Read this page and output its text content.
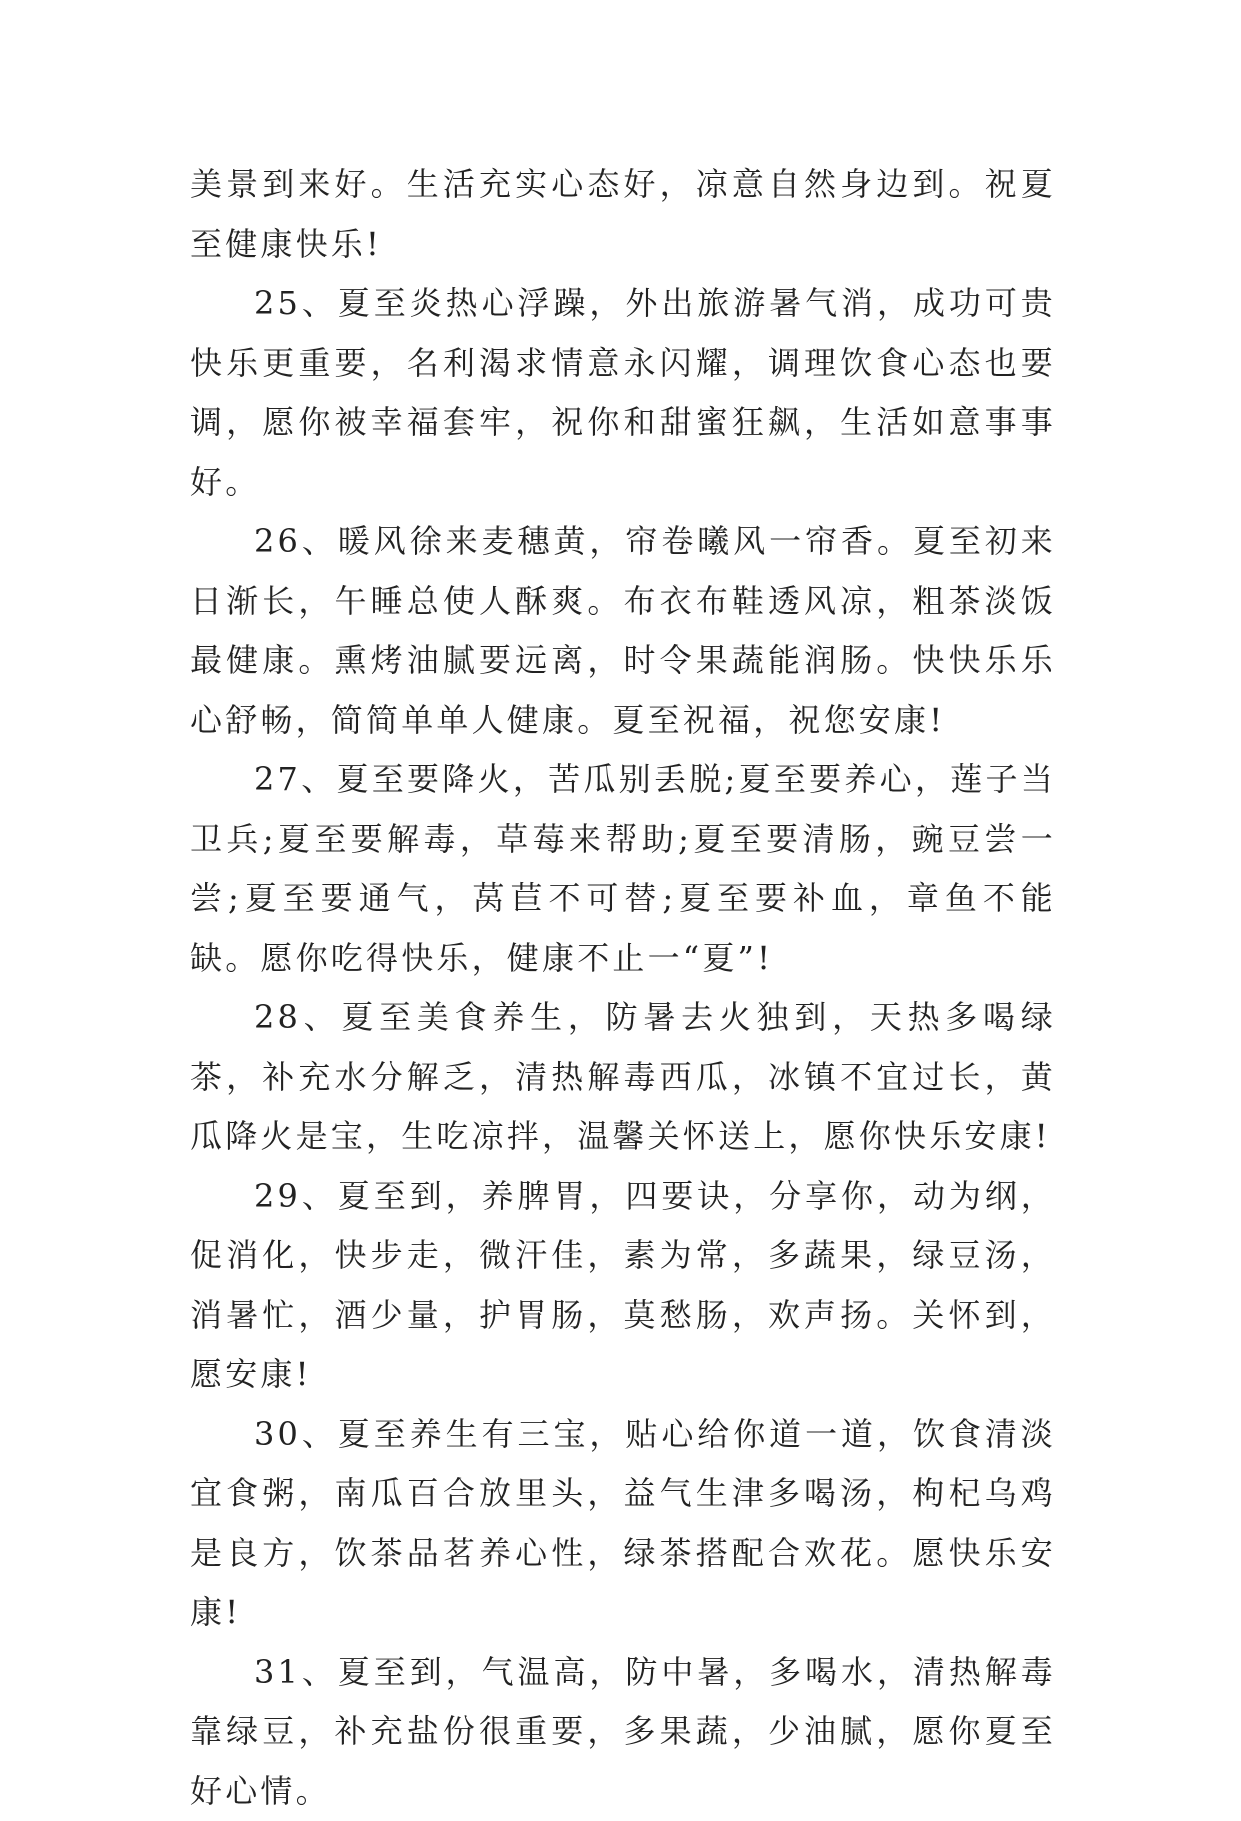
美景到来好。生活充实心态好，凉意自然身边到。祝夏至健康快乐!

25、夏至炎热心浮躁，外出旅游暑气消，成功可贵快乐更重要，名利渴求情意永闪耀，调理饮食心态也要调，愿你被幸福套牢，祝你和甜蜜狂飙，生活如意事事好。

26、暖风徐来麦穗黄，帘卷曦风一帘香。夏至初来日渐长，午睡总使人酥爽。布衣布鞋透风凉，粗茶淡饭最健康。熏烤油腻要远离，时令果蔬能润肠。快快乐乐心舒畅，简简单单人健康。夏至祝福，祝您安康!

27、夏至要降火，苦瓜别丢脱;夏至要养心，莲子当卫兵;夏至要解毒，草莓来帮助;夏至要清肠，豌豆尝一尝;夏至要通气，莴苣不可替;夏至要补血，章鱼不能缺。愿你吃得快乐，健康不止一“夏”!

28、夏至美食养生，防暑去火独到，天热多喝绿茶，补充水分解乏，清热解毒西瓜，冰镇不宜过长，黄瓜降火是宝，生吃凉拌，温馨关怀送上，愿你快乐安康!

29、夏至到，养脾胃，四要诀，分享你，动为纲，促消化，快步走，微汗佳，素为常，多蔬果，绿豆汤，消暑忙，酒少量，护胃肠，莫愁肠，欢声扬。关怀到，愿安康!

30、夏至养生有三宝，贴心给你道一道，饮食清淡宜食粥，南瓜百合放里头，益气生津多喝汤，枸杞乌鸡是良方，饮茶品茗养心性，绿茶搭配合欢花。愿快乐安康!

31、夏至到，气温高，防中暑，多喝水，清热解毒靠绿豆，补充盐份很重要，多果蔬，少油腻，愿你夏至好心情。
